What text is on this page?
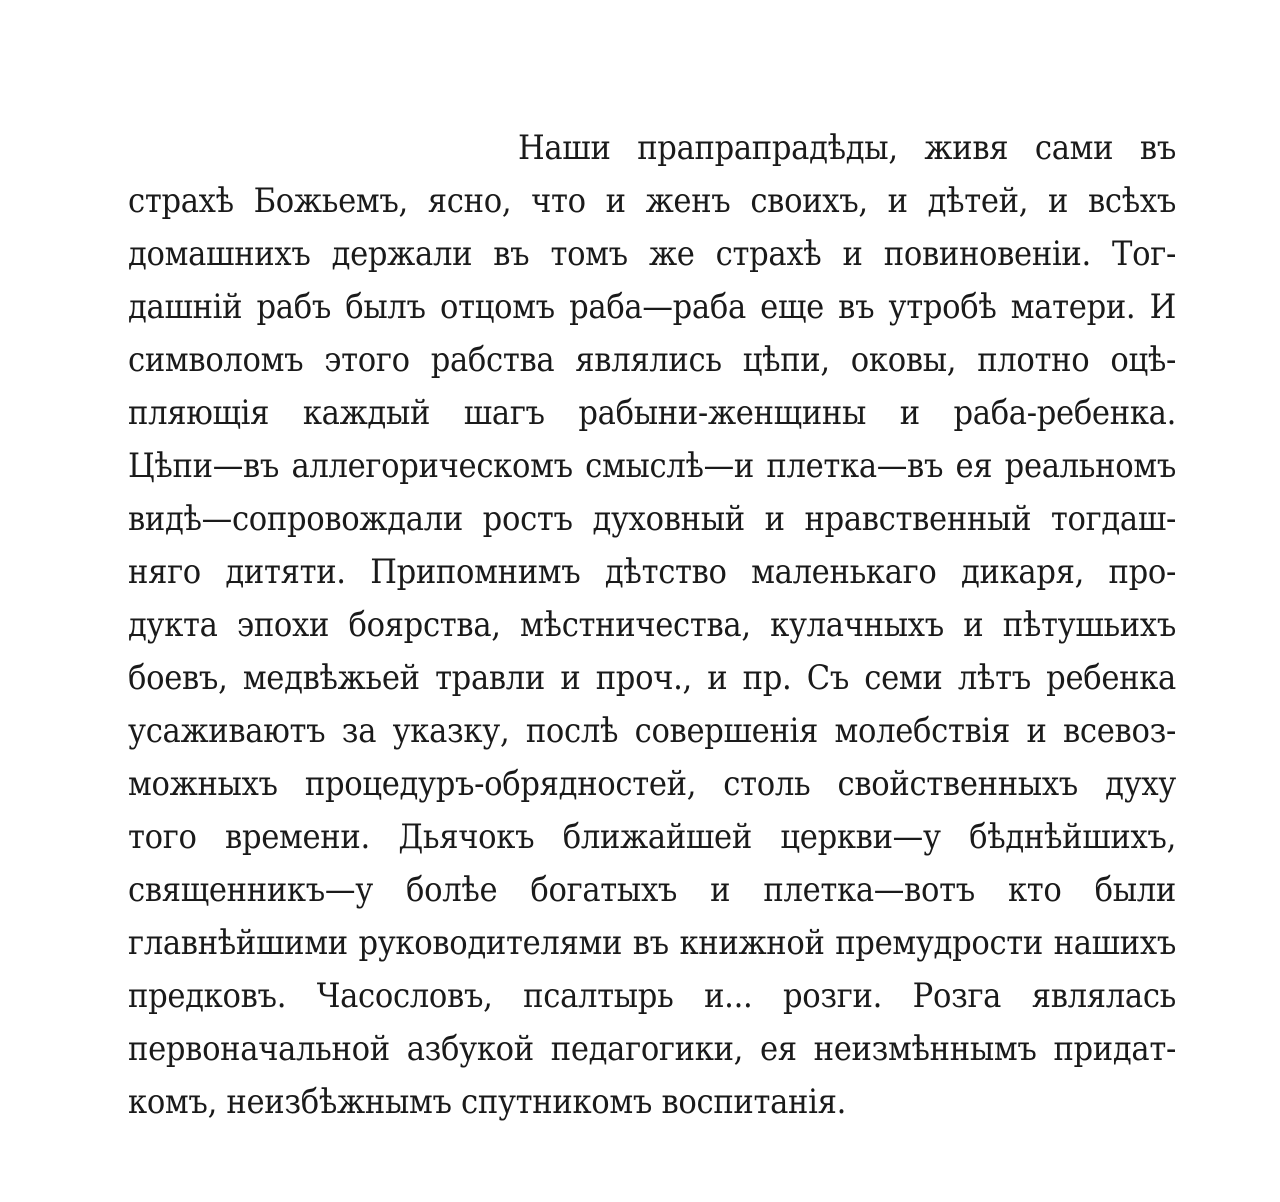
Наши прапрапрадѣды, живя сами въ
страхѣ Божьемъ, ясно, что и женъ своихъ, и дѣтей, и всѣхъ
домашнихъ держали въ томъ же страхѣ и повиновеніи. Тог-
дашній рабъ былъ отцомъ раба—раба еще въ утробѣ матери. И
символомъ этого рабства являлись цѣпи, оковы, плотно оцѣ-
пляющія каждый шагъ рабыни-женщины и раба-ребенка.
Цѣпи—въ аллегорическомъ смыслѣ—и плетка—въ ея реальномъ
видѣ—сопровождали ростъ духовный и нравственный тогдаш-
няго дитяти. Припомнимъ дѣтство маленькаго дикаря, про-
дукта эпохи боярства, мѣстничества, кулачныхъ и пѣтушьихъ
боевъ, медвѣжьей травли и проч., и пр. Съ семи лѣтъ ребенка
усаживаютъ за указку, послѣ совершенія молебствія и всевоз-
можныхъ процедуръ-обрядностей, столь свойственныхъ духу
того времени. Дьячокъ ближайшей церкви—у бѣднѣйшихъ,
священникъ—у болѣе богатыхъ и плетка—вотъ кто были
главнѣйшими руководителями въ книжной премудрости нашихъ
предковъ. Часословъ, псалтырь и... розги. Розга являлась
первоначальной азбукой педагогики, ея неизмѣннымъ придат-
комъ, неизбѣжнымъ спутникомъ воспитанія.
